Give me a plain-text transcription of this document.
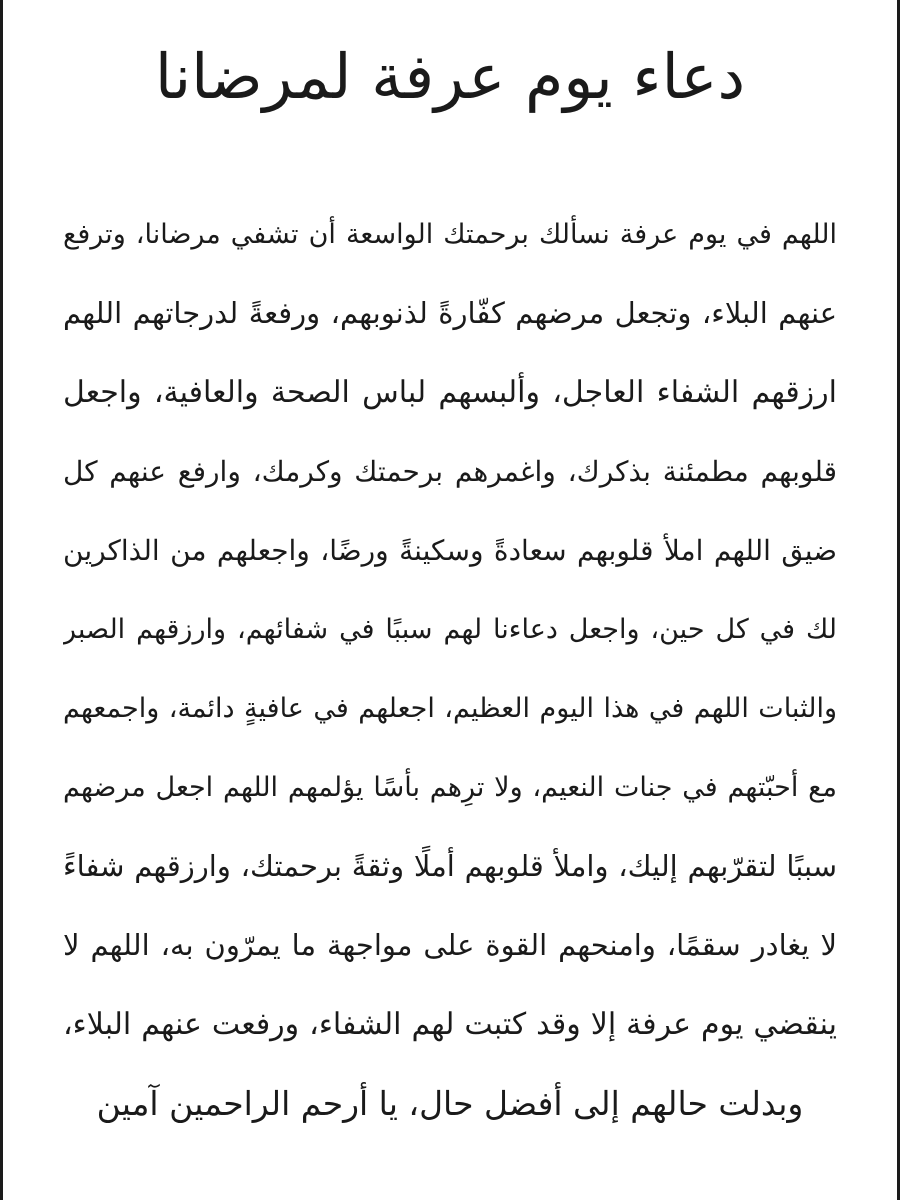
دعاء يوم عرفة لمرضانا
اللهم في يوم عرفة نسألك برحمتك الواسعة أن تشفي مرضانا، وترفع
عنهم البلاء، وتجعل مرضهم كفّارةً لذنوبهم، ورفعةً لدرجاتهم اللهم
ارزقهم الشفاء العاجل، وألبسهم لباس الصحة والعافية، واجعل
قلوبهم مطمئنة بذكرك، واغمرهم برحمتك وكرمك، وارفع عنهم كل
ضيق اللهم املأ قلوبهم سعادةً وسكينةً ورضًا، واجعلهم من الذاكرين
لك في كل حين، واجعل دعاءنا لهم سببًا في شفائهم، وارزقهم الصبر
والثبات اللهم في هذا اليوم العظيم، اجعلهم في عافيةٍ دائمة، واجمعهم
مع أحبّتهم في جنات النعيم، ولا ترِهم بأسًا يؤلمهم اللهم اجعل مرضهم
سببًا لتقرّبهم إليك، واملأ قلوبهم أملًا وثقةً برحمتك، وارزقهم شفاءً
لا يغادر سقمًا، وامنحهم القوة على مواجهة ما يمرّون به، اللهم لا
ينقضي يوم عرفة إلا وقد كتبت لهم الشفاء، ورفعت عنهم البلاء،
وبدلت حالهم إلى أفضل حال، يا أرحم الراحمين آمين
